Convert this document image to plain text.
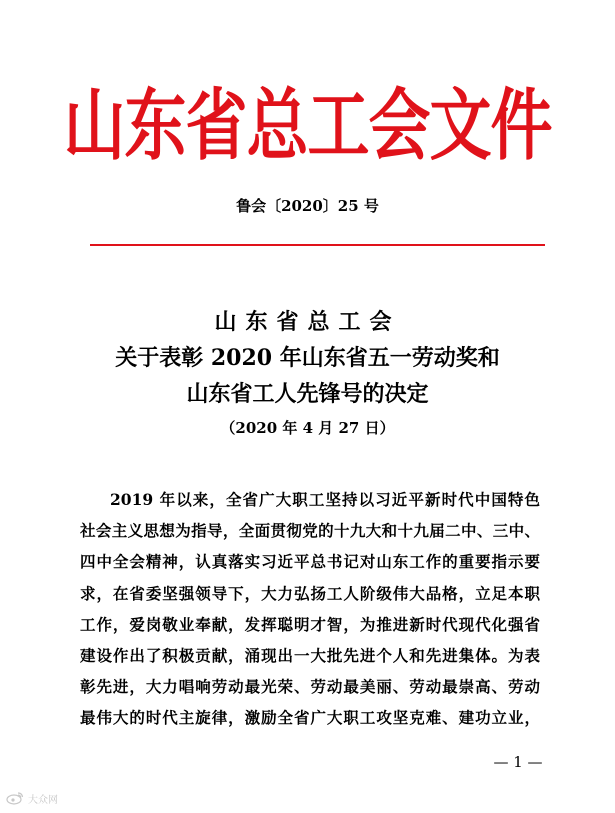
山东省总工会文件
鲁会〔2020〕25 号
山东省总工会
关于表彰 2020 年山东省五一劳动奖和
山东省工人先锋号的决定
（2020 年 4 月 27 日）
2019 年以来，全省广大职工坚持以习近平新时代中国特色
社会主义思想为指导，全面贯彻党的十九大和十九届二中、三中、
四中全会精神，认真落实习近平总书记对山东工作的重要指示要
求，在省委坚强领导下，大力弘扬工人阶级伟大品格，立足本职
工作，爱岗敬业奉献，发挥聪明才智，为推进新时代现代化强省
建设作出了积极贡献，涌现出一大批先进个人和先进集体。为表
彰先进，大力唱响劳动最光荣、劳动最美丽、劳动最崇高、劳动
最伟大的时代主旋律，激励全省广大职工攻坚克难、建功立业，
— 1 —
大众网
